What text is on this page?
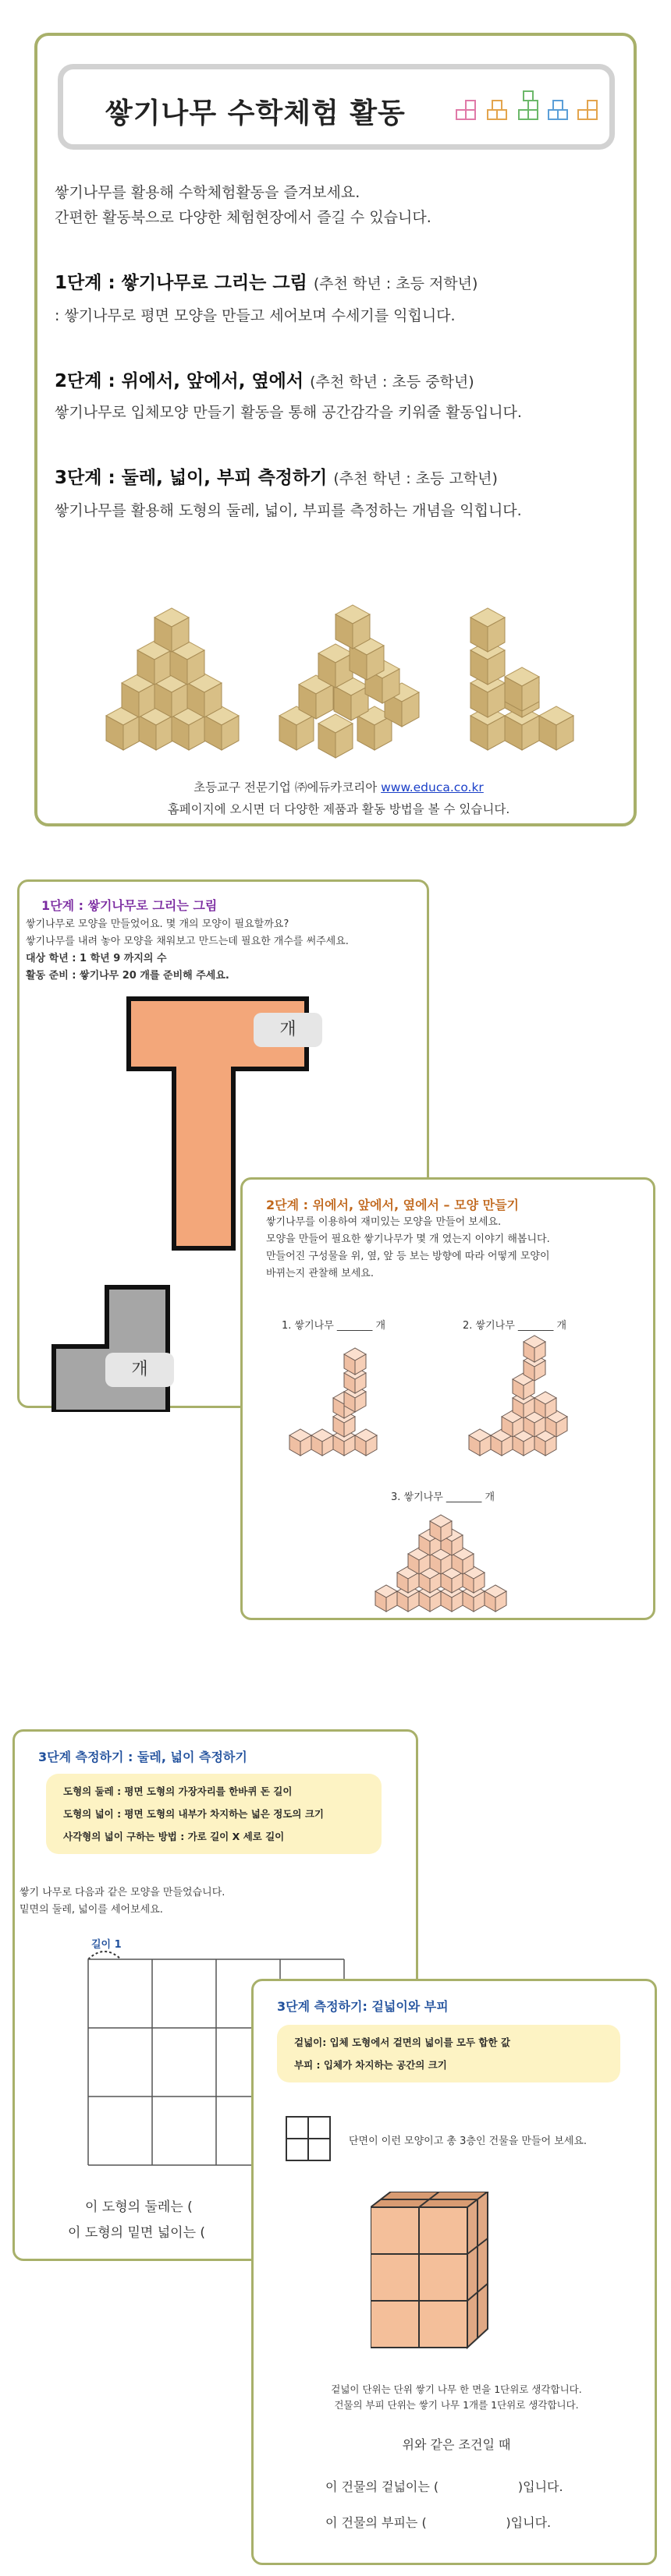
쌓기나무 수학체험 활동
쌓기나무를 활용해 수학체험활동을 즐겨보세요.
간편한 활동북으로 다양한 체험현장에서 즐길 수 있습니다.
1단계 : 쌓기나무로 그리는 그림 (추천 학년 : 초등 저학년)
: 쌓기나무로 평면 모양을 만들고 세어보며 수세기를 익힙니다.
2단계 : 위에서, 앞에서, 옆에서 (추천 학년 : 초등 중학년)
쌓기나무로 입체모양 만들기 활동을 통해 공간감각을 키워줄 활동입니다.
3단계 : 둘레, 넓이, 부피 측정하기 (추천 학년 : 초등 고학년)
쌓기나무를 활용해 도형의 둘레, 넓이, 부피를 측정하는 개념을 익힙니다.
초등교구 전문기업 ㈜에듀카코리아 www.educa.co.kr
홈페이지에 오시면 더 다양한 제품과 활동 방법을 볼 수 있습니다.
1단계 : 쌓기나무로 그리는 그림
쌓기나무로 모양을 만들었어요. 몇 개의 모양이 필요할까요?
쌓기나무를 내려 놓아 모양을 채워보고 만드는데 필요한 개수를 써주세요.
대상 학년 : 1 학년 9 까지의 수
활동 준비 : 쌓기나무 20 개를 준비해 주세요.
개
개
2단계 : 위에서, 앞에서, 옆에서 – 모양 만들기
쌓기나무를 이용하여 재미있는 모양을 만들어 보세요.
모양을 만들어 필요한 쌓기나무가 몇 개 였는지 이야기 해봅니다.
만들어진 구성물을 위, 옆, 앞 등 보는 방향에 따라 어떻게 모양이
바뀌는지 관찰해 보세요.
1. 쌓기나무 _______ 개	2. 쌓기나무 _______ 개
3. 쌓기나무 _______ 개
3단계 측정하기 : 둘레, 넓이 측정하기
도형의 둘레 : 평면 도형의 가장자리를 한바퀴 돈 길이
도형의 넓이 : 평면 도형의 내부가 차지하는 넓은 정도의 크기
사각형의 넓이 구하는 방법 : 가로 길이 X 세로 길이
쌓기 나무로 다음과 같은 모양을 만들었습니다.
밑면의 둘레, 넓이를 세어보세요.
길이 1
이 도형의 둘레는 (
이 도형의 밑면 넓이는 (
3단계 측정하기: 겉넓이와 부피
겉넓이: 입체 도형에서 겉면의 넓이를 모두 합한 값
부피 : 입체가 차지하는 공간의 크기
단면이 이런 모양이고 총 3층인 건물을 만들어 보세요.
겉넓이 단위는 단위 쌓기 나무 한 면을 1단위로 생각합니다.
건물의 부피 단위는 쌓기 나무 1개를 1단위로 생각합니다.
위와 같은 조건일 때
이 건물의 겉넓이는 (                    )입니다.
이 건물의 부피는 (                    )입니다.
